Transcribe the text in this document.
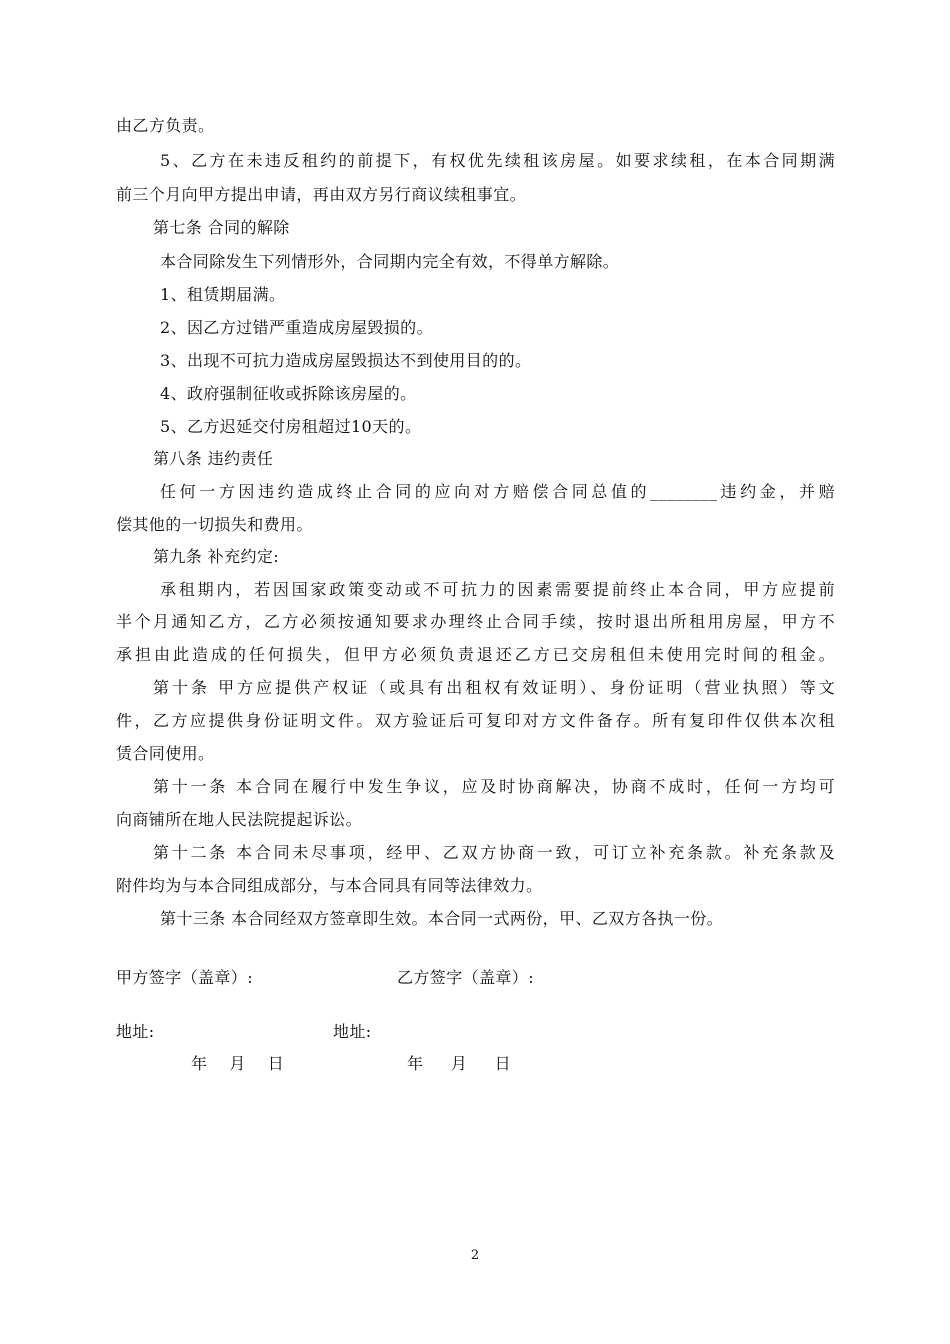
由乙方负责。
5、乙方在未违反租约的前提下，有权优先续租该房屋。如要求续租，在本合同期满
前三个月向甲方提出申请，再由双方另行商议续租事宜。
第七条 合同的解除
本合同除发生下列情形外，合同期内完全有效，不得单方解除。
1、租赁期届满。
2、因乙方过错严重造成房屋毁损的。
3、出现不可抗力造成房屋毁损达不到使用目的的。
4、政府强制征收或拆除该房屋的。
5、乙方迟延交付房租超过10天的。
第八条 违约责任
任何一方因违约造成终止合同的应向对方赔偿合同总值的________违约金，并赔
偿其他的一切损失和费用。
第九条 补充约定:
承租期内，若因国家政策变动或不可抗力的因素需要提前终止本合同，甲方应提前
半个月通知乙方，乙方必须按通知要求办理终止合同手续，按时退出所租用房屋，甲方不
承担由此造成的任何损失，但甲方必须负责退还乙方已交房租但未使用完时间的租金。
第十条 甲方应提供产权证（或具有出租权有效证明）、身份证明（营业执照）等文
件，乙方应提供身份证明文件。双方验证后可复印对方文件备存。所有复印件仅供本次租
赁合同使用。
第十一条 本合同在履行中发生争议，应及时协商解决，协商不成时，任何一方均可
向商铺所在地人民法院提起诉讼。
第十二条 本合同未尽事项，经甲、乙双方协商一致，可订立补充条款。补充条款及
附件均为与本合同组成部分，与本合同具有同等法律效力。
第十三条 本合同经双方签章即生效。本合同一式两份，甲、乙双方各执一份。
甲方签字（盖章）:	乙方签字（盖章）:
地址:	地址:
年    月    日	年     月     日
2
